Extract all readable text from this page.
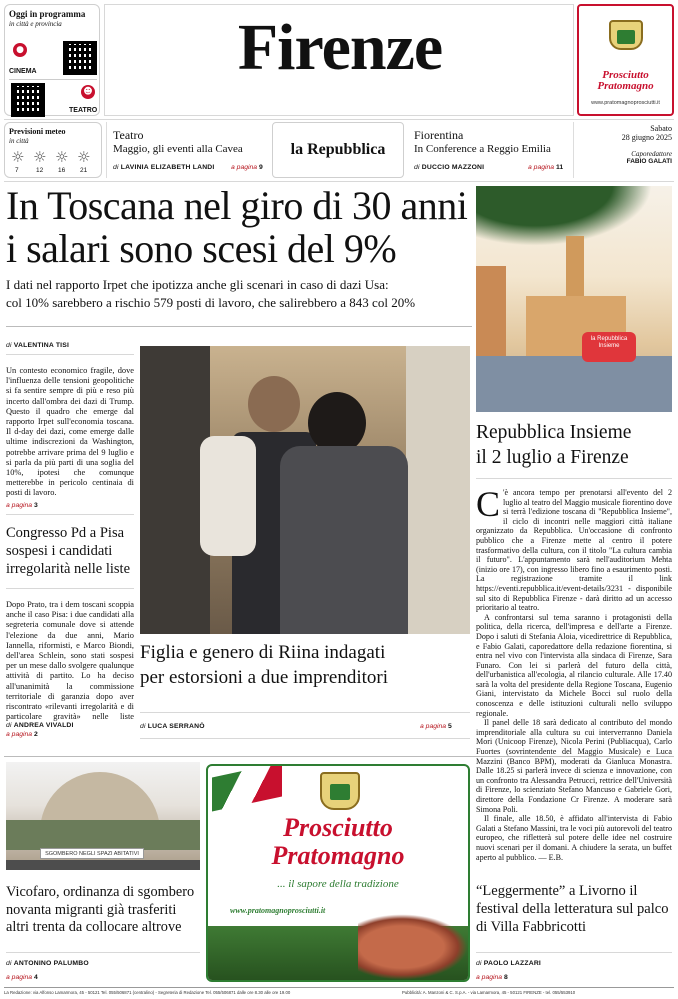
Oggi in programma
in città e provincia
●
CINEMA
☻
TEATRO
Firenze	Prosciutto
Pratomagno
www.pratomagnoprosciutti.it
Previsioni meteo
in città
☼ ☼ ☼ ☼
7	12 16 21
Teatro
Maggio, gli eventi alla Cavea
di LAVINIA ELIZABETH LANDI a pagina 9
la Repubblica
Fiorentina
In Conference a Reggio Emilia
di DUCCIO MAZZONI	a pagina 11
Sabato
28 giugno 2025
Caporedattore
FABIO GALATI
In Toscana nel giro di 30 anni
i salari sono scesi del 9%
I dati nel rapporto Irpet che ipotizza anche gli scenari in caso di dazi Usa:
col 10% sarebbero a rischio 579 posti di lavoro, che salirebbero a 843 col 20%
di VALENTINA TISI
Un contesto economico fragile, dove l'influenza delle tensioni geopolitiche si fa sentire sempre di più e reso più incerto dall'ombra dei dazi di Trump. Questo il quadro che emerge dal rapporto Irpet sull'economia toscana. Il d-day dei dazi, come emerge dalle ultime indiscrezioni da Washington, potrebbe arrivare prima del 9 luglio e si parla da più parti di una soglia del 10%, ipotesi che comunque metterebbe in pericolo centinaia di posti di lavoro.
a pagina 3
Congresso Pd a Pisa sospesi i candidati irregolarità nelle liste
Dopo Prato, tra i dem toscani scoppia anche il caso Pisa: i due candidati alla segreteria comunale dove si attende l'elezione da due anni, Mario Iannella, riformisti, e Marco Biondi, dell'area Schlein, sono stati sospesi per un mese dallo svolgere qualunque attività di partito. Lo ha deciso all'unanimità la commissione territoriale di garanzia dopo aver riscontrato «rilevanti irregolarità e di particolare gravità» nelle liste
di ANDREA VIVALDI
a pagina 2
Figlia e genero di Riina indagati
per estorsioni a due imprenditori
di LUCA SERRANÒ	a pagina 5
la Repubblica
Insieme
Repubblica Insieme
il 2 luglio a Firenze
C 'è ancora tempo per prenotarsi all'evento del 2 luglio al teatro del Maggio musicale fiorentino dove si terrà l'edizione toscana di "Repubblica Insieme", il ciclo di incontri nelle maggiori città italiane organizzato da Repubblica. Un'occasione di confronto pubblico che a Firenze mette al centro il potere trasformativo della cultura, con il titolo "La cultura cambia il futuro". L'appuntamento sarà nell'auditorium Mehta (inizio ore 17), con ingresso libero fino a esaurimento posti. La registrazione tramite il link https://eventi.repubblica.it/event-details/3231 - disponibile sul sito di Repubblica Firenze - darà diritto ad un accesso prioritario al teatro.
A confrontarsi sul tema saranno i protagonisti della politica, della ricerca, dell'impresa e dell'arte a Firenze. Dopo i saluti di Stefania Aloia, vicedirettrice di Repubblica, e Fabio Galati, caporedattore della redazione fiorentina, si entra nel vivo con l'intervista alla sindaca di Firenze, Sara Funaro. Con lei si parlerà del futuro della città, dell'urbanistica all'ecologia, al rilancio culturale. Alle 17.40 sarà la volta del presidente della Regione Toscana, Eugenio Giani, intervistato da Michele Bocci sul ruolo della conoscenza e delle istituzioni culturali nello sviluppo regionale.
Il panel delle 18 sarà dedicato al contributo del mondo imprenditoriale alla cultura su cui interverranno Daniela Mori (Unicoop Firenze), Nicola Perini (Publiacqua), Carlo Fuortes (sovrintendente del Maggio Musicale) e Luca Mazzini (Banco BPM), moderati da Gianluca Monastra. Dalle 18.25 si parlerà invece di scienza e innovazione, con un confronto tra Alessandra Petrucci, rettrice dell'Università di Firenze, lo scienziato Stefano Mancuso e Gabriele Gori, direttore della Fondazione Cr Firenze. A moderare sarà Simona Poli.
Il finale, alle 18.50, è affidato all'intervista di Fabio Galati a Stefano Massini, tra le voci più autorevoli del teatro europeo, che rifletterà sul potere delle idee nel costruire nuovi scenari per il domani. A chiudere la serata, un buffet aperto al pubblico. — E.B.
SGOMBERO NEGLI SPAZI ABITATIVI
Vicofaro, ordinanza di sgombero novanta migranti già trasferiti altri trenta da collocare altrove
di ANTONINO PALUMBO
a pagina 4
Prosciutto
Pratomagno
... il sapore della tradizione
www.pratomagnoprosciutti.it
“Leggermente” a Livorno il festival della letteratura sul palco di Villa Fabbricotti
di PAOLO LAZZARI
a pagina 8
La Redazione: via Alfonso Lamarmora, 45 - 50121 Tel. 055/506871 (centralino) - Segreteria di Redazione Tel. 055/506871 dalle ore 8.30 alle ore 19.00	Pubblicità: A. Manzoni & C. S.p.A. - via Lamarmora, 45 - 50121 FIRENZE - tel. 055/553910
